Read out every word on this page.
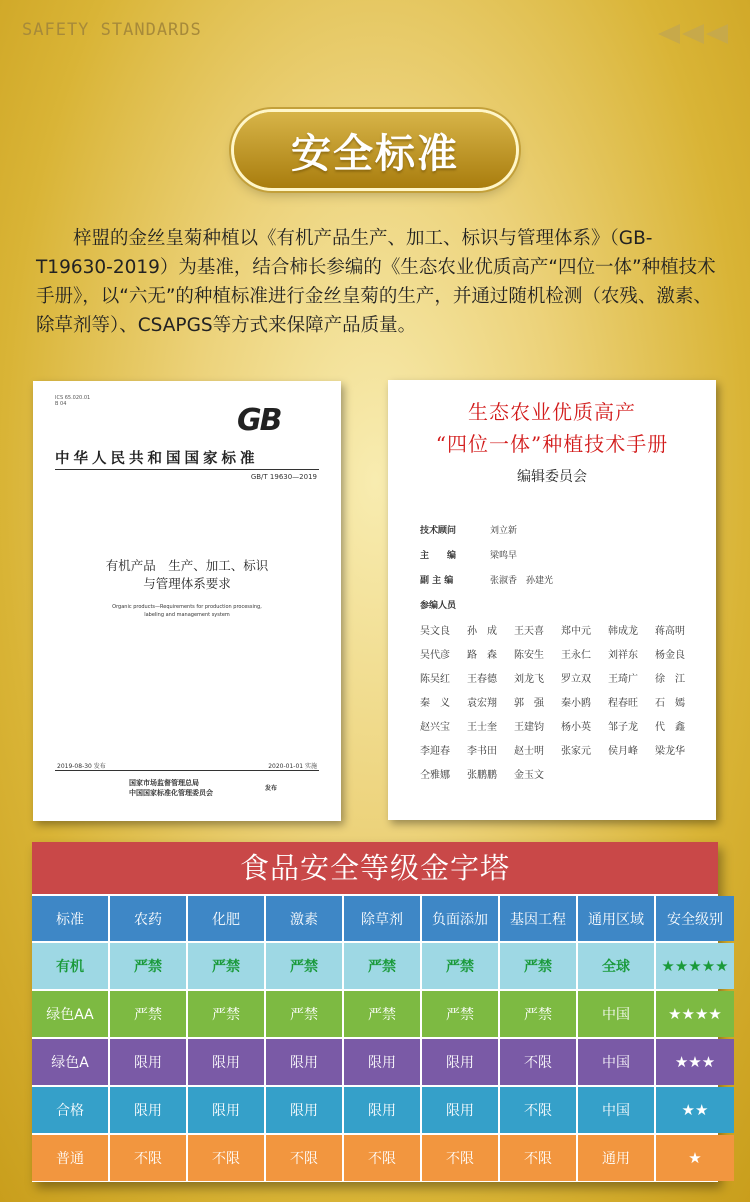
SAFETY STANDARDS
安全标准

梓盟的金丝皇菊种植以《有机产品生产、加工、标识与管理体系》（GB-T19630-2019）为基准，结合柿长参编的《生态农业优质高产“四位一体”种植技术手册》，以“六无”的种植标准进行金丝皇菊的生产，并通过随机检测（农残、激素、除草剂等）、CSAPGS等方式来保障产品质量。

ICS 65.020.01
B 04	GB
中华人民共和国国家标准
GB/T 19630—2019
有机产品　生产、加工、标识
与管理体系要求
Organic products—Requirements for production processing,
labeling and management system
2019-08-30 发布	2020-01-01 实施
国家市场监督管理总局
中国国家标准化管理委员会
发布
生态农业优质高产
“四位一体”种植技术手册
编辑委员会
技术顾问	刘立新
主　　编	梁鸣早
副 主 编	张淑香　孙建光
参编人员
吴文良	孙　成	王天喜	郑中元	韩成龙	蒋高明
吴代彦	路　森	陈安生	王永仁	刘祥东	杨金良
陈吴红	王春德	刘龙飞	罗立双	王琦广	徐　江
秦　义	袁宏翔	郭　强	秦小鸥	程春旺	石　嫣
赵兴宝	王士奎	王建钧	杨小英	邹子龙	代　鑫
李迎春	李书田	赵士明	张家元	侯月峰	梁龙华
仝雅娜	张鹏鹏	金玉文
食品安全等级金字塔
标准	农药	化肥	激素	除草剂	负面添加	基因工程	通用区域	安全级别
有机	严禁	严禁	严禁	严禁	严禁	严禁	全球	★★★★★
绿色AA	严禁	严禁	严禁	严禁	严禁	严禁	中国	★★★★
绿色A	限用	限用	限用	限用	限用	不限	中国	★★★
合格	限用	限用	限用	限用	限用	不限	中国	★★
普通	不限	不限	不限	不限	不限	不限	通用	★
